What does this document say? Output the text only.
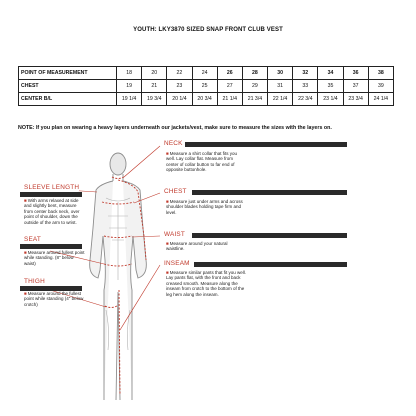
YOUTH: LKY3870 SIZED SNAP FRONT CLUB VEST
POINT OF MEASUREMENT	18	20	22	24	26	28	30	32	34	36	38
CHEST	19	21	23	25	27	29	31	33	35	37	39
CENTER B/L	19 1/4	19 3/4	20 1/4	20 3/4	21 1/4	21 3/4	22 1/4	22 3/4	23 1/4	23 3/4	24 1/4
NOTE: If you plan on wearing a heavy layers underneath our jackets/vest, make sure to measure the sizes with the layers on.
NECK
■Measure a shirt collar that fits you well. Lay collar flat. Measure from center of collar button to far end of opposite buttonhole.
CHEST
■Measure just under arms and across shoulder blades holding tape firm and level.
WAIST
■Measure around your natural waistline.
INSEAM
■Measure similar pants that fit you well. Lay pants flat, with the front and back creased smooth. Measure along the inseam from crotch to the bottom of the leg hem along the inseam.
SLEEVE LENGTH
■With arms relaxed at side and slightly bent, measure from center back neck, over point of shoulder, down the outside of the arm to wrist.
SEAT
■Measure around fullest point while standing. (8" below waist)
THIGH
■Measure around the fullest point while standing (4" below crotch)
